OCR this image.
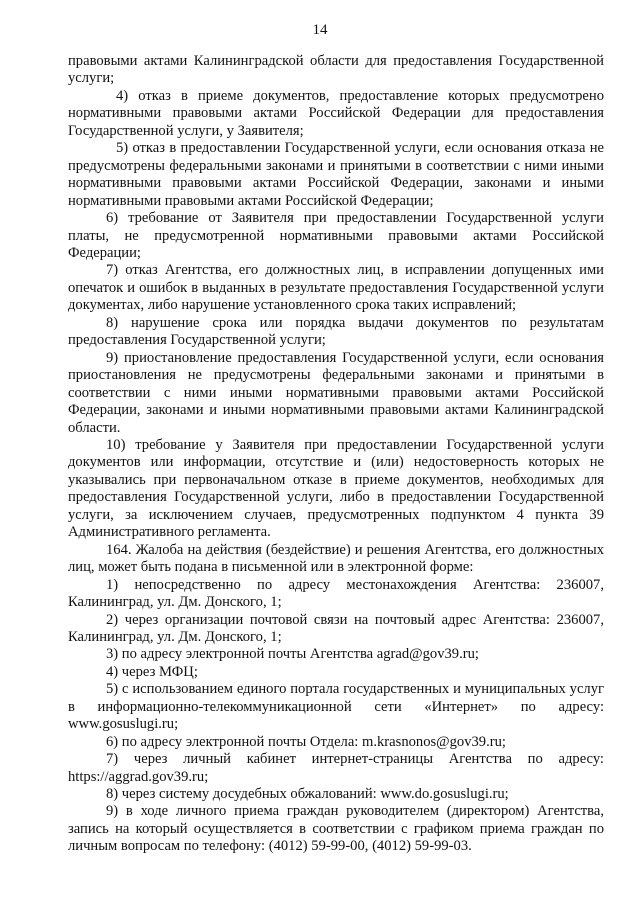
14

правовыми актами Калининградской области для предоставления Государственной услуги;

4) отказ в приеме документов, предоставление которых предусмотрено нормативными правовыми актами Российской Федерации для предоставления Государственной услуги, у Заявителя;

5) отказ в предоставлении Государственной услуги, если основания отказа не предусмотрены федеральными законами и принятыми в соответствии с ними иными нормативными правовыми актами Российской Федерации, законами и иными нормативными правовыми актами Российской Федерации;

6) требование от Заявителя при предоставлении Государственной услуги платы, не предусмотренной нормативными правовыми актами Российской Федерации;

7) отказ Агентства, его должностных лиц, в исправлении допущенных ими опечаток и ошибок в выданных в результате предоставления Государственной услуги документах, либо нарушение установленного срока таких исправлений;

8) нарушение срока или порядка выдачи документов по результатам предоставления Государственной услуги;

9) приостановление предоставления Государственной услуги, если основания приостановления не предусмотрены федеральными законами и принятыми в соответствии с ними иными нормативными правовыми актами Российской Федерации, законами и иными нормативными правовыми актами Калининградской области.

10) требование у Заявителя при предоставлении Государственной услуги документов или информации, отсутствие и (или) недостоверность которых не указывались при первоначальном отказе в приеме документов, необходимых для предоставления Государственной услуги, либо в предоставлении Государственной услуги, за исключением случаев, предусмотренных подпунктом 4 пункта 39 Административного регламента.

164. Жалоба на действия (бездействие) и решения Агентства, его должностных лиц, может быть подана в письменной или в электронной форме:

1) непосредственно по адресу местонахождения Агентства: 236007, Калининград, ул. Дм. Донского, 1;

2) через организации почтовой связи на почтовый адрес Агентства: 236007, Калининград, ул. Дм. Донского, 1;

3) по адресу электронной почты Агентства agrad@gov39.ru;

4) через МФЦ;

5) с использованием единого портала государственных и муниципальных услуг в информационно-телекоммуникационной сети «Интернет» по адресу: www.gosuslugi.ru;

6) по адресу электронной почты Отдела: m.krasnonos@gov39.ru;

7) через личный кабинет интернет-страницы Агентства по адресу: https://aggrad.gov39.ru;

8) через систему досудебных обжалований: www.do.gosuslugi.ru;

9) в ходе личного приема граждан руководителем (директором) Агентства, запись на который осуществляется в соответствии с графиком приема граждан по личным вопросам по телефону: (4012) 59-99-00, (4012) 59-99-03.
